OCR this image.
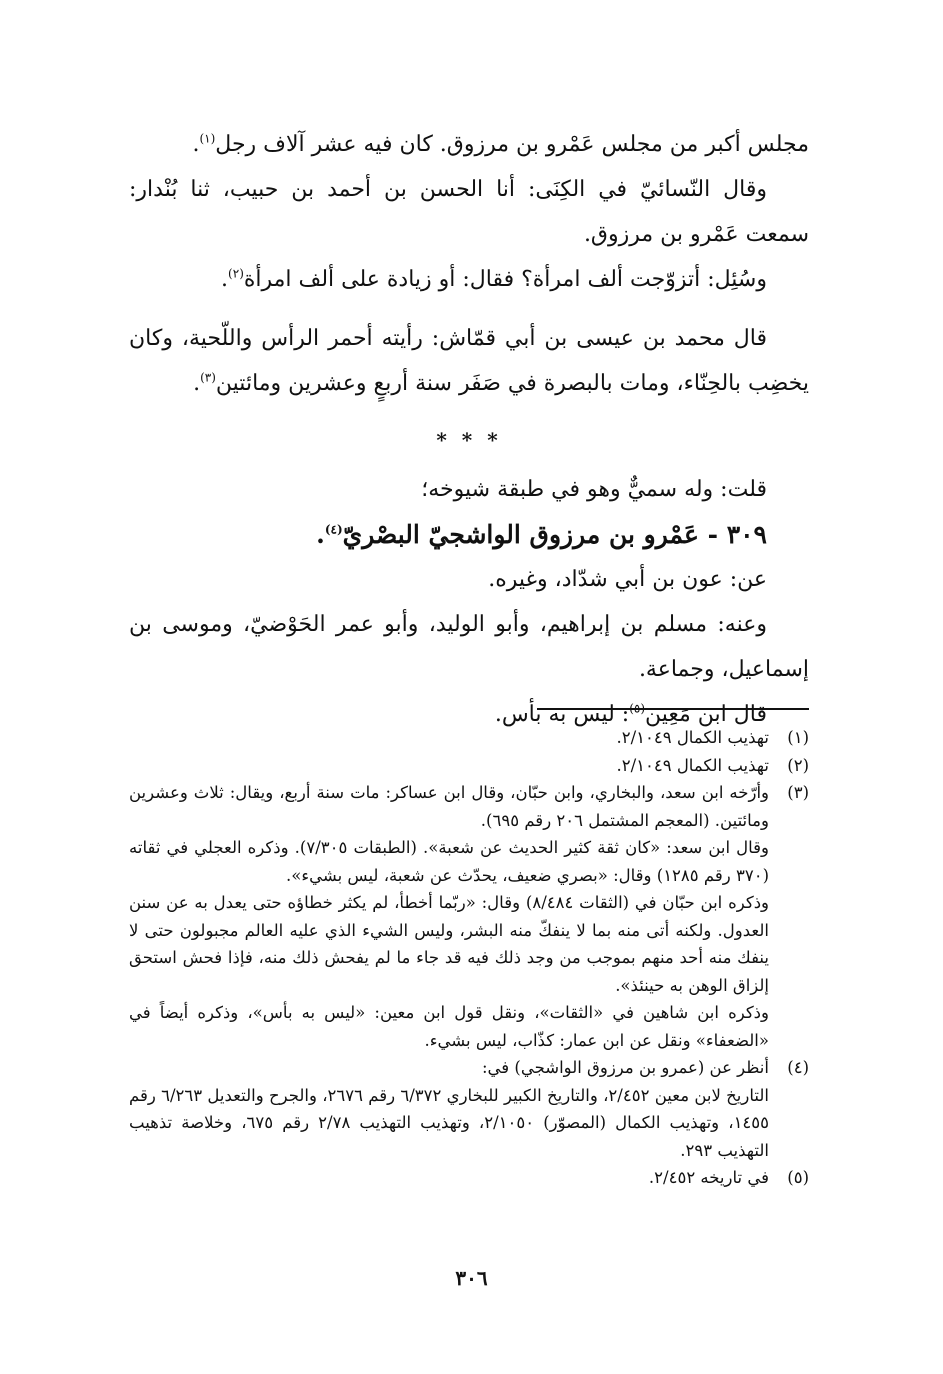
مجلس أكبر من مجلس عَمْرو بن مرزوق. كان فيه عشر آلاف رجل$^{(١)}$.

وقال النّسائيّ في الكِنَى: أنا الحسن بن أحمد بن حبيب، ثنا بُنْدار: سمعت عَمْرو بن مرزوق.

وسُئِل: أتزوّجت ألف امرأة؟ فقال: أو زيادة على ألف امرأة$^{(٢)}$.

قال محمد بن عيسى بن أبي قمّاش: رأيته أحمر الرأس واللّحية، وكان يخضِب بالحِنّاء، ومات بالبصرة في صَفَر سنة أربعٍ وعشرين ومائتين$^{(٣)}$.

* * *

قلت: وله سميٌّ وهو في طبقة شيوخه؛

٣٠٩ - عَمْرو بن مرزوق الواشجيّ البصْريّ$^{(٤)}$.

عن: عون بن أبي شدّاد، وغيره.

وعنه: مسلم بن إبراهيم، وأبو الوليد، وأبو عمر الحَوْضيّ، وموسى بن إسماعيل، وجماعة.

قال ابن مَعِين$^{(٥)}$: ليس به بأس.

(١)

تهذيب الكمال ٢/١٠٤٩.

(٢)

تهذيب الكمال ٢/١٠٤٩.

(٣)

وأرّخه ابن سعد، والبخاري، وابن حبّان، وقال ابن عساكر: مات سنة أربع، ويقال: ثلاث وعشرين ومائتين. (المعجم المشتمل ٢٠٦ رقم ٦٩٥).

وقال ابن سعد: «كان ثقة كثير الحديث عن شعبة». (الطبقات ٧/٣٠٥). وذكره العجلي في ثقاته (٣٧٠ رقم ١٢٨٥) وقال: «بصري ضعيف، يحدّث عن شعبة، ليس بشيء».

وذكره ابن حبّان في (الثقات ٨/٤٨٤) وقال: «ربّما أخطأ، لم يكثر خطاؤه حتى يعدل به عن سنن العدول. ولكنه أتى منه بما لا ينفكّ منه البشر، وليس الشيء الذي عليه العالم مجبولون حتى لا ينفك منه أحد منهم بموجب من وجد ذلك فيه قد جاء ما لم يفحش ذلك منه، فإذا فحش استحق إلزاق الوهن به حينئذ».

وذكره ابن شاهين في «الثقات»، ونقل قول ابن معين: «ليس به بأس»، وذكره أيضاً في «الضعفاء» ونقل عن ابن عمار: كذّاب، ليس بشيء.

(٤)

أنظر عن (عمرو بن مرزوق الواشجي) في:

التاريخ لابن معين ٢/٤٥٢، والتاريخ الكبير للبخاري ٦/٣٧٢ رقم ٢٦٧٦، والجرح والتعديل ٦/٢٦٣ رقم ١٤٥٥، وتهذيب الكمال (المصوّر) ٢/١٠٥٠، وتهذيب التهذيب ٢/٧٨ رقم ٦٧٥، وخلاصة تذهيب التهذيب ٢٩٣.

(٥)

في تاريخه ٢/٤٥٢.

٣٠٦
